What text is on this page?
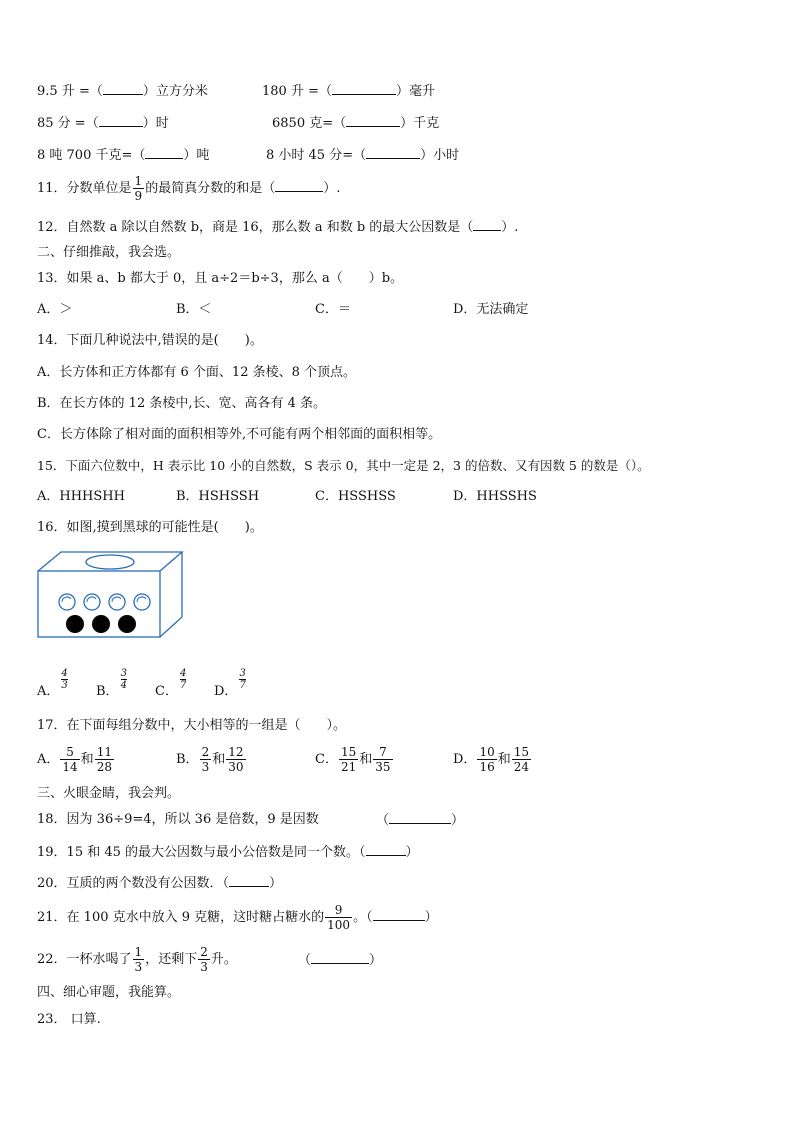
9.5 升 =（	）立方分米	180 升 =（	）毫升
85 分 =（	）时	6850 克=（	）千克
8 吨 700 千克=（	）吨	8 小时 45 分=（	）小时
11．分数单位是 $\frac{1}{9}$ 的最简真分数的和是（	）.
12．自然数 a 除以自然数 b，商是 16，那么数 a 和数 b 的最大公因数是（ ）.
二、仔细推敲，我会选。
13．如果 a、b 都大于 0，且 a÷2＝b÷3，那么 a（　　）b。
A．＞	B．＜	C．＝	D．无法确定
14．下面几种说法中,错误的是(　　)。
A．长方体和正方体都有 6 个面、12 条棱、8 个顶点。
B．在长方体的 12 条棱中,长、宽、高各有 4 条。
C．长方体除了相对面的面积相等外,不可能有两个相邻面的面积相等。
15．下面六位数中，H 表示比 10 小的自然数，S 表示 0，其中一定是 2，3 的倍数、又有因数 5 的数是（）。
A．HHHSHH	B．HSHSSH	C．HSSHSS	D．HHSSHS
16．如图,摸到黑球的可能性是(　　)。
A．
$\frac{4}{3}$
B．
$\frac{3}{4}$
C．
$\frac{4}{7}$
D．
$\frac{3}{7}$
17．在下面每组分数中，大小相等的一组是（　　）。
A． $\frac{5}{14}$ 和 $\frac{11}{28}$	B． $\frac{2}{3}$ 和 $\frac{12}{30}$	C． $\frac{15}{21}$ 和 $\frac{7}{35}$	D． $\frac{10}{16}$ 和 $\frac{15}{24}$
三、火眼金睛，我会判。
18．因为 36÷9=4，所以 36 是倍数，9 是因数	（	）
19．15 和 45 的最大公因数与最小公倍数是同一个数。（	）
20．互质的两个数没有公因数．（	）
21．在 100 克水中放入 9 克糖，这时糖占糖水的 $\frac{9}{100}$ 。（	）
22．一杯水喝了 $\frac{1}{3}$ ，还剩下 $\frac{2}{3}$ 升。	（	）
四、细心审题，我能算。
23． 口算.
